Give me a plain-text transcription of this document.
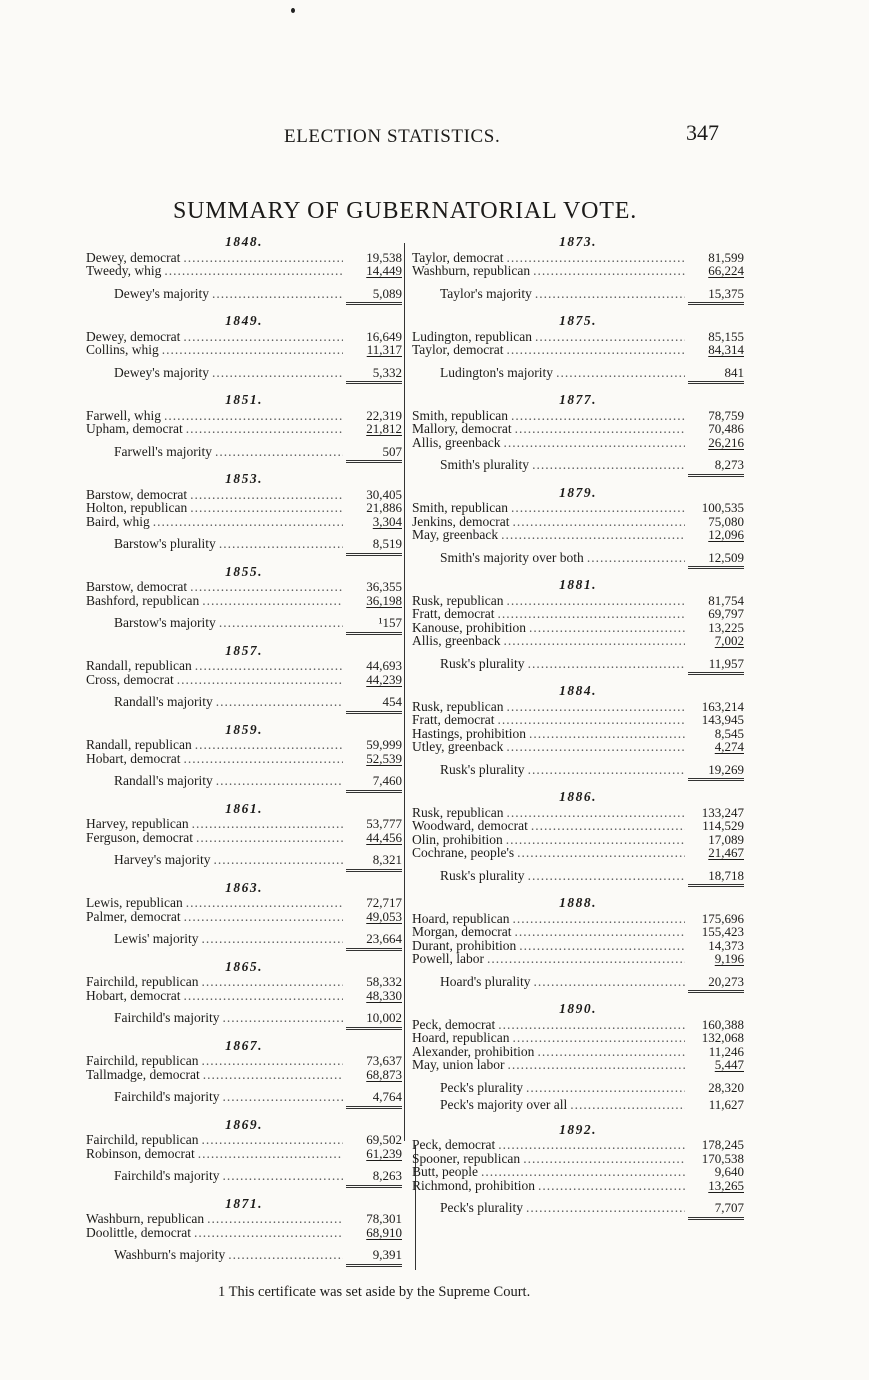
ELECTION STATISTICS.	347
SUMMARY OF GUBERNATORIAL VOTE.
1848.
Dewey, democrat .....	19,538
Tweedy, whig .....	14,449
Dewey's majority .....	5,089
1849.
Dewey, democrat .....	16,649
Collins, whig .....	11,317
Dewey's majority .....	5,332
1851.
Farwell, whig .....	22,319
Upham, democrat .....	21,812
Farwell's majority .....	507
1853.
Barstow, democrat .....	30,405
Holton, republican .....	21,886
Baird, whig .....	3,304
Barstow's plurality .....	8,519
1855.
Barstow, democrat .....	36,355
Bashford, republican .....	36,198
Barstow's majority .....	¹157
1857.
Randall, republican .....	44,693
Cross, democrat .....	44,239
Randall's majority .....	454
1859.
Randall, republican .....	59,999
Hobart, democrat .....	52,539
Randall's majority .....	7,460
1861.
Harvey, republican .....	53,777
Ferguson, democrat .....	44,456
Harvey's majority .....	8,321
1863.
Lewis, republican .....	72,717
Palmer, democrat .....	49,053
Lewis' majority .....	23,664
1865.
Fairchild, republican .....	58,332
Hobart, democrat .....	48,330
Fairchild's majority .....	10,002
1867.
Fairchild, republican .....	73,637
Tallmadge, democrat .....	68,873
Fairchild's majority .....	4,764
1869.
Fairchild, republican .....	69,502
Robinson, democrat .....	61,239
Fairchild's majority .....	8,263
1871.
Washburn, republican .....	78,301
Doolittle, democrat .....	68,910
Washburn's majority .....	9,391
1873.
Taylor, democrat .....	81,599
Washburn, republican .....	66,224
Taylor's majority .....	15,375
1875.
Ludington, republican .....	85,155
Taylor, democrat .....	84,314
Ludington's majority .....	841
1877.
Smith, republican .....	78,759
Mallory, democrat .....	70,486
Allis, greenback .....	26,216
Smith's plurality .....	8,273
1879.
Smith, republican .....	100,535
Jenkins, democrat .....	75,080
May, greenback .....	12,096
Smith's majority over both .....	12,509
1881.
Rusk, republican .....	81,754
Fratt, democrat .....	69,797
Kanouse, prohibition .....	13,225
Allis, greenback .....	7,002
Rusk's plurality .....	11,957
1884.
Rusk, republican .....	163,214
Fratt, democrat .....	143,945
Hastings, prohibition .....	8,545
Utley, greenback .....	4,274
Rusk's plurality .....	19,269
1886.
Rusk, republican .....	133,247
Woodward, democrat .....	114,529
Olin, prohibition .....	17,089
Cochrane, people's .....	21,467
Rusk's plurality .....	18,718
1888.
Hoard, republican .....	175,696
Morgan, democrat .....	155,423
Durant, prohibition .....	14,373
Powell, labor .....	9,196
Hoard's plurality .....	20,273
1890.
Peck, democrat .....	160,388
Hoard, republican .....	132,068
Alexander, prohibition .....	11,246
May, union labor .....	5,447
Peck's plurality .....	28,320
Peck's majority over all .....	11,627
1892.
Peck, democrat .....	178,245
Spooner, republican .....	170,538
Butt, people .....	9,640
Richmond, prohibition .....	13,265
Peck's plurality .....	7,707
1 This certificate was set aside by the Supreme Court.
